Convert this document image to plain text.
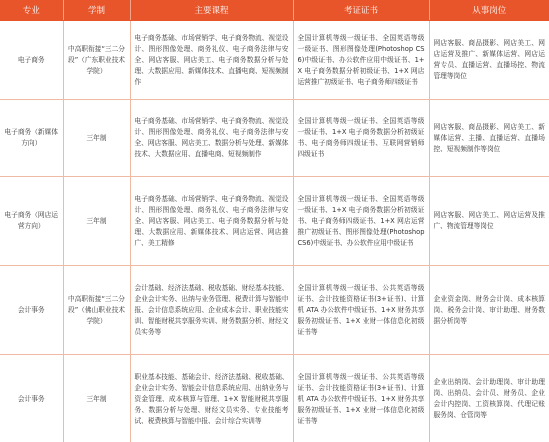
专业	学制	主要课程	考证证书	从事岗位
电子商务	中高职衔接“三二分段”（广东职业技术学院）	电子商务基础、市场营销学、电子商务物流、视觉设计、图形图像处理、商务礼仪、电子商务法律与安全、网店客服、网店美工、电子商务数据分析与处理、大数据应用、新媒体技术、直播电商、短视频制作	全国计算机等级一级证书、全国英语等级一级证书、图形图像处理(Photoshop CS6)中级证书、办公软件应用中级证书、1+X 电子商务数据分析初级证书、1+X 网店运营推广初级证书、电子商务师四级证书	网店客服、商品摄影、网店美工、网店运营及推广、新媒体运营、网店运营专员、直播运营、直播场控、物流管理等岗位
电子商务（新媒体方向）	三年制	电子商务基础、市场营销学、电子商务物流、视觉设计、图形图像处理、商务礼仪、电子商务法律与安全、网店客服、网店美工、数据分析与处理、新媒体技术、大数据应用、直播电商、短视频制作	全国计算机等级一级证书、全国英语等级一级证书、1+X 电子商务数据分析初级证书、电子商务师四级证书、互联网营销师四级证书	网店客服、商品摄影、网店美工、新媒体运营、主播、直播运营、直播场控、短视频制作等岗位
电子商务（网店运营方向）	三年制	电子商务基础、市场营销学、电子商务物流、视觉设计、图形图像处理、商务礼仪、电子商务法律与安全、网店客服、网店美工、电子商务数据分析与处理、大数据应用、新媒体技术、网店运营、网店推广、美工精修	全国计算机等级一级证书、全国英语等级一级证书、1+X 电子商务数据分析初级证书、电子商务师四级证书、1+X 网店运营推广初级证书、图形图像处理(Photoshop CS6)中级证书、办公软件应用中级证书	网店客服、网店美工、网店运营及推广、物流管理等岗位
会计事务	中高职衔接“三二分段”（佛山职业技术学院）	会计基础、经济法基础、税收基础、财经基本技能、企业会计实务、出纳与业务管理、税费计算与智能申报、会计信息系统应用、企业成本会计、职业技能实训、智能财税共享服务实训、财务数据分析、财经文员实务等	全国计算机等级一级证书、公共英语等级证书、会计技能资格证书(3+证书)、计算机 ATA 办公软件中级证书、1+X 财务共享服务初级证书、1+X 业财一体信息化初级证书等	企业资金岗、财务会计岗、成本核算岗、税务会计岗、审计助理、财务数据分析岗等
会计事务	三年制	职业基本技能、基础会计、经济法基础、税收基础、企业会计实务、智能会计信息系统应用、出纳业务与资金管理、成本核算与管理、1+X 智能财税共享服务、数据分析与处理、财经文员实务、专业技能考试、税费核算与智能申报、会计综合实训等	全国计算机等级一级证书、公共英语等级证书、会计技能资格证书(3+证书)、计算机 ATA 办公软件中级证书、1+X 财务共享服务初级证书、1+X 业财一体信息化初级证书等	企业出纳岗、会计助理岗、审计助理岗、出纳员、会计员、财务员、企业会计内控岗、工资核算岗、代理记账服务岗、仓管岗等
